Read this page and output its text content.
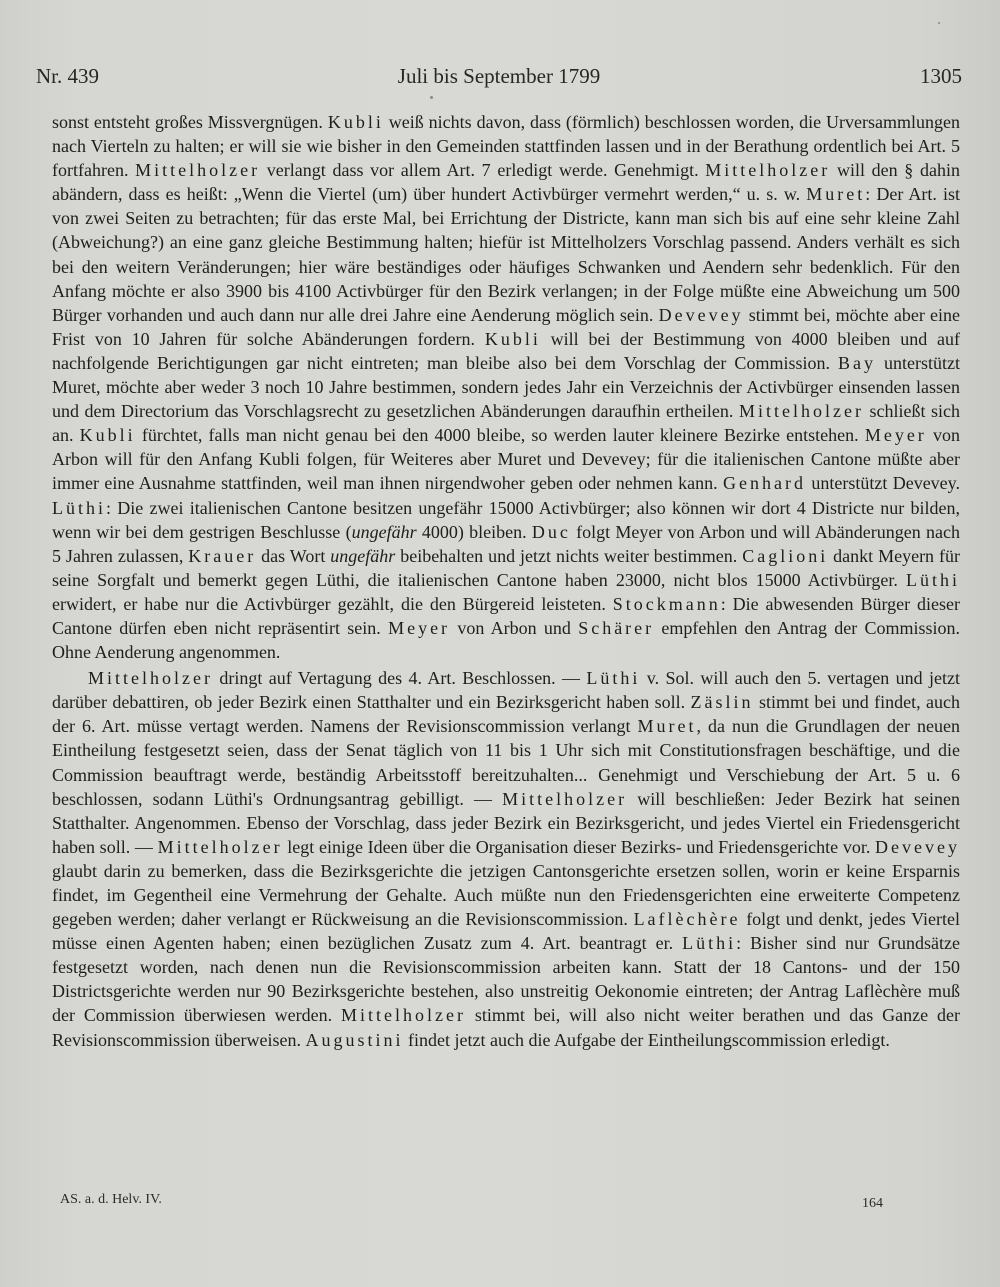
Nr. 439	Juli bis September 1799	1305

sonst entsteht großes Missvergnügen. Kubli weiß nichts davon, dass (förmlich) beschlossen worden, die Urversammlungen nach Vierteln zu halten; er will sie wie bisher in den Gemeinden stattfinden lassen und in der Berathung ordentlich bei Art. 5 fortfahren. Mittelholzer verlangt dass vor allem Art. 7 erledigt werde. Genehmigt. Mittelholzer will den § dahin abändern, dass es heißt: „Wenn die Viertel (um) über hundert Activbürger vermehrt werden,“ u. s. w. Muret: Der Art. ist von zwei Seiten zu betrachten; für das erste Mal, bei Errichtung der Districte, kann man sich bis auf eine sehr kleine Zahl (Abweichung?) an eine ganz gleiche Bestimmung halten; hiefür ist Mittelholzers Vorschlag passend. Anders verhält es sich bei den weitern Veränderungen; hier wäre beständiges oder häufiges Schwanken und Aendern sehr bedenklich. Für den Anfang möchte er also 3900 bis 4100 Activbürger für den Bezirk verlangen; in der Folge müßte eine Abweichung um 500 Bürger vorhanden und auch dann nur alle drei Jahre eine Aenderung möglich sein. Devevey stimmt bei, möchte aber eine Frist von 10 Jahren für solche Abänderungen fordern. Kubli will bei der Bestimmung von 4000 bleiben und auf nachfolgende Berichtigungen gar nicht eintreten; man bleibe also bei dem Vorschlag der Commission. Bay unterstützt Muret, möchte aber weder 3 noch 10 Jahre bestimmen, sondern jedes Jahr ein Verzeichnis der Activbürger einsenden lassen und dem Directorium das Vorschlagsrecht zu gesetzlichen Abänderungen daraufhin ertheilen. Mittelholzer schließt sich an. Kubli fürchtet, falls man nicht genau bei den 4000 bleibe, so werden lauter kleinere Bezirke entstehen. Meyer von Arbon will für den Anfang Kubli folgen, für Weiteres aber Muret und Devevey; für die italienischen Cantone müßte aber immer eine Ausnahme stattfinden, weil man ihnen nirgendwoher geben oder nehmen kann. Genhard unterstützt Devevey. Lüthi: Die zwei italienischen Cantone besitzen ungefähr 15000 Activbürger; also können wir dort 4 Districte nur bilden, wenn wir bei dem gestrigen Beschlusse (ungefähr 4000) bleiben. Duc folgt Meyer von Arbon und will Abänderungen nach 5 Jahren zulassen, Krauer das Wort ungefähr beibehalten und jetzt nichts weiter bestimmen. Caglioni dankt Meyern für seine Sorgfalt und bemerkt gegen Lüthi, die italienischen Cantone haben 23000, nicht blos 15000 Activbürger. Lüthi erwidert, er habe nur die Activbürger gezählt, die den Bürgereid leisteten. Stockmann: Die abwesenden Bürger dieser Cantone dürfen eben nicht repräsentirt sein. Meyer von Arbon und Schärer empfehlen den Antrag der Commission. Ohne Aenderung angenommen.

Mittelholzer dringt auf Vertagung des 4. Art. Beschlossen. — Lüthi v. Sol. will auch den 5. vertagen und jetzt darüber debattiren, ob jeder Bezirk einen Statthalter und ein Bezirksgericht haben soll. Zäslin stimmt bei und findet, auch der 6. Art. müsse vertagt werden. Namens der Revisionscommission verlangt Muret, da nun die Grundlagen der neuen Eintheilung festgesetzt seien, dass der Senat täglich von 11 bis 1 Uhr sich mit Constitutionsfragen beschäftige, und die Commission beauftragt werde, beständig Arbeitsstoff bereitzuhalten... Genehmigt und Verschiebung der Art. 5 u. 6 beschlossen, sodann Lüthi's Ordnungsantrag gebilligt. — Mittelholzer will beschließen: Jeder Bezirk hat seinen Statthalter. Angenommen. Ebenso der Vorschlag, dass jeder Bezirk ein Bezirksgericht, und jedes Viertel ein Friedensgericht haben soll. — Mittelholzer legt einige Ideen über die Organisation dieser Bezirks- und Friedensgerichte vor. Devevey glaubt darin zu bemerken, dass die Bezirksgerichte die jetzigen Cantonsgerichte ersetzen sollen, worin er keine Ersparnis findet, im Gegentheil eine Vermehrung der Gehalte. Auch müßte nun den Friedensgerichten eine erweiterte Competenz gegeben werden; daher verlangt er Rückweisung an die Revisionscommission. Laflèchère folgt und denkt, jedes Viertel müsse einen Agenten haben; einen bezüglichen Zusatz zum 4. Art. beantragt er. Lüthi: Bisher sind nur Grundsätze festgesetzt worden, nach denen nun die Revisionscommission arbeiten kann. Statt der 18 Cantons- und der 150 Districtsgerichte werden nur 90 Bezirksgerichte bestehen, also unstreitig Oekonomie eintreten; der Antrag Laflèchère muß der Commission überwiesen werden. Mittelholzer stimmt bei, will also nicht weiter berathen und das Ganze der Revisionscommission überweisen. Augustini findet jetzt auch die Aufgabe der Eintheilungscommission erledigt.

AS. a. d. Helv. IV.	164
